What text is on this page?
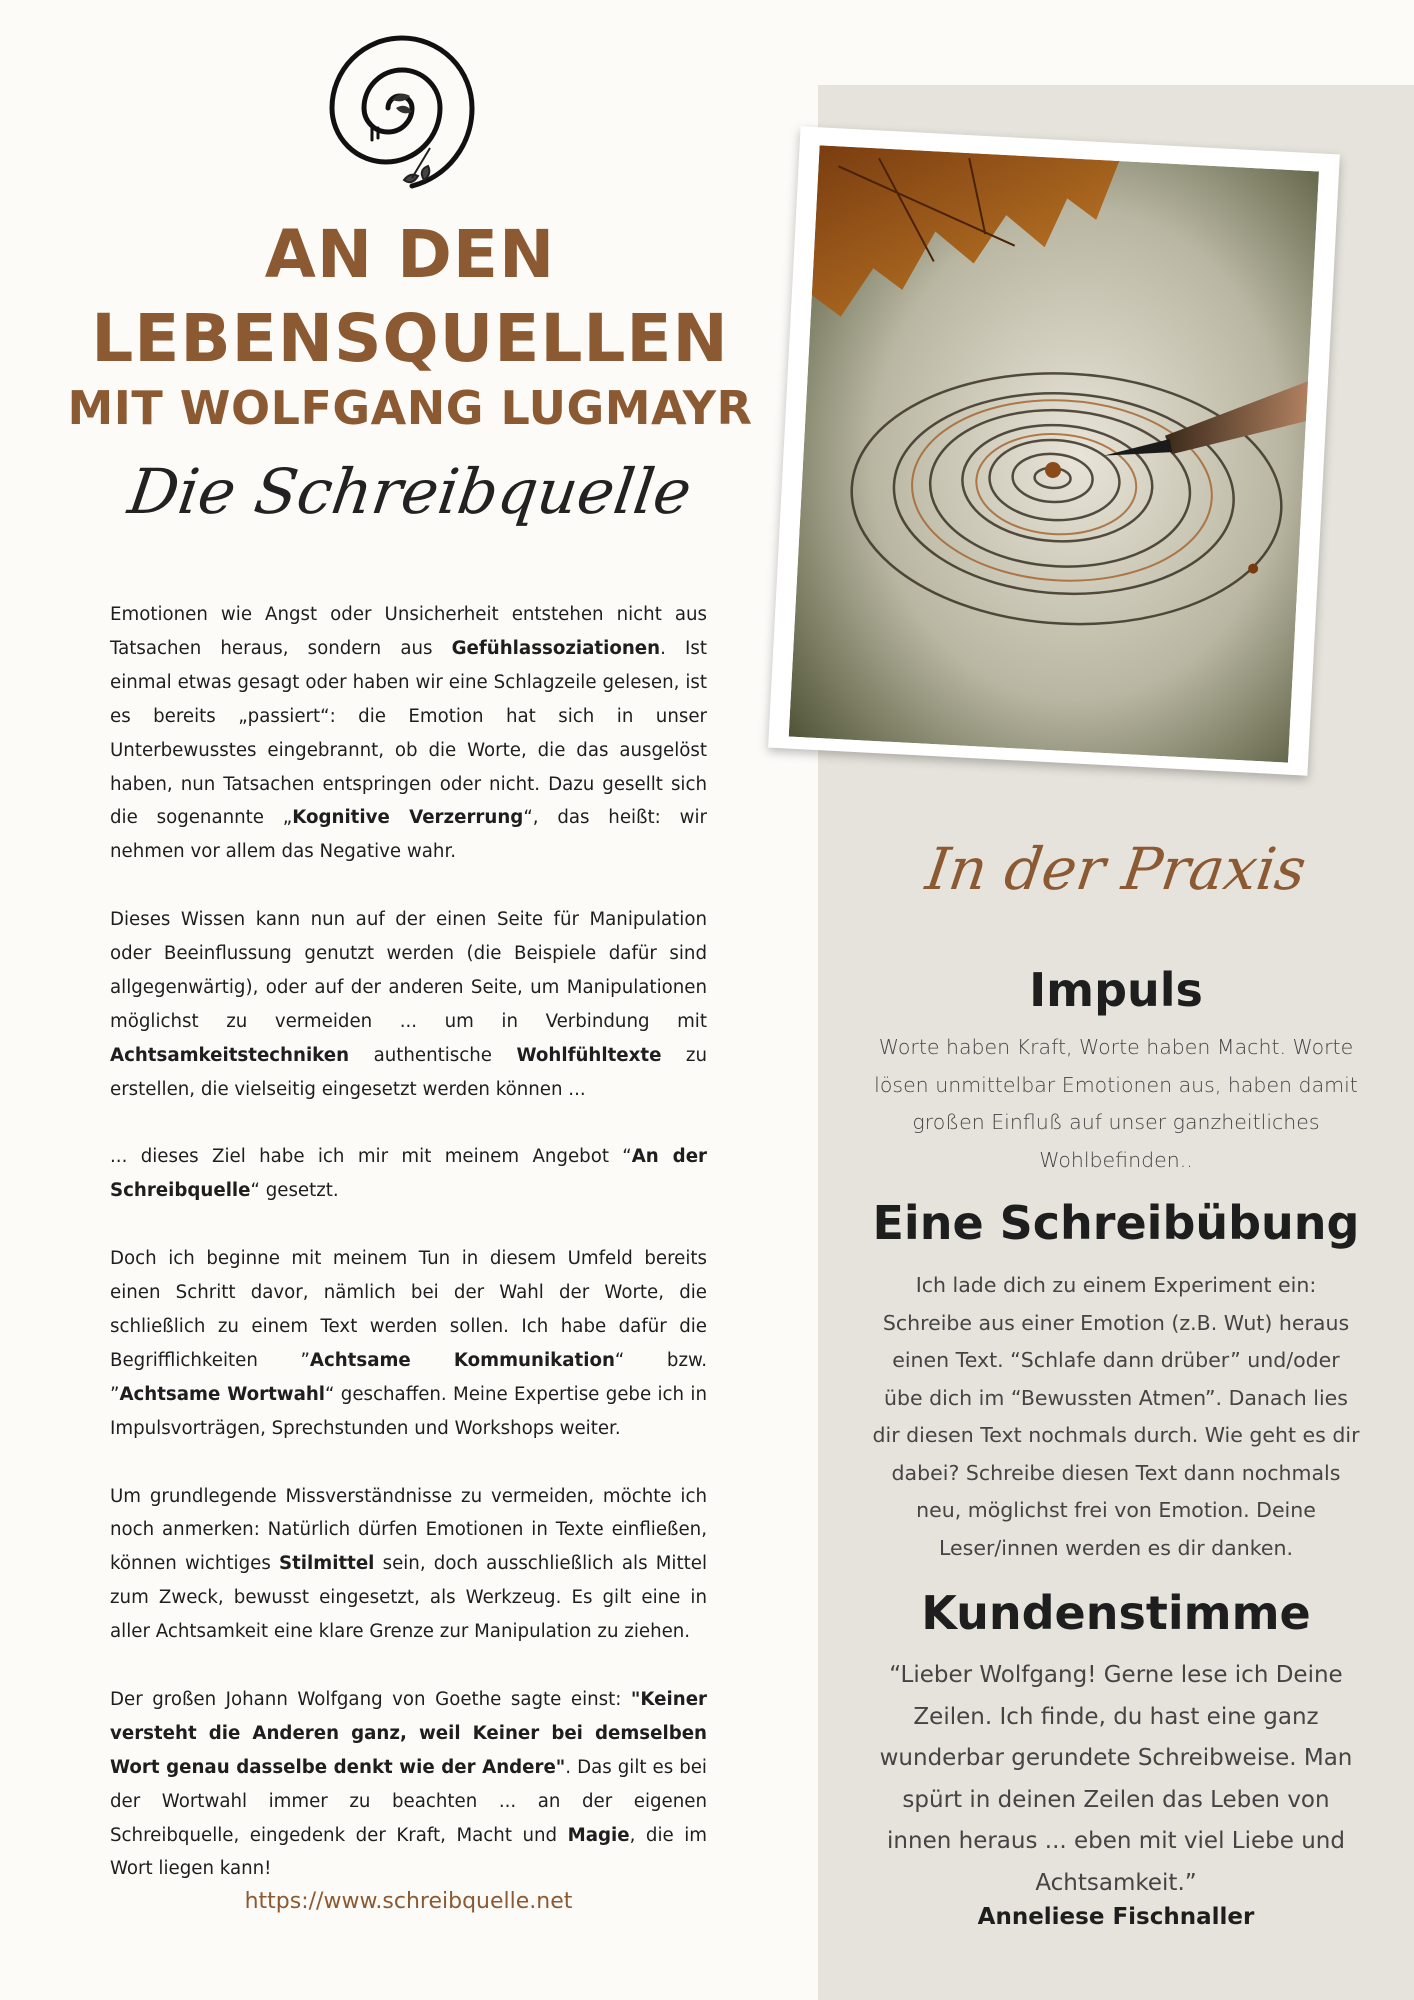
AN DEN
LEBENSQUELLEN
MIT WOLFGANG LUGMAYR
Die Schreibquelle

Emotionen wie Angst oder Unsicherheit entstehen nicht aus Tatsachen heraus, sondern aus Gefühlassoziationen. Ist einmal etwas gesagt oder haben wir eine Schlagzeile gelesen, ist es bereits „passiert“: die Emotion hat sich in unser Unterbewusstes eingebrannt, ob die Worte, die das ausgelöst haben, nun Tatsachen entspringen oder nicht. Dazu gesellt sich die sogenannte „Kognitive Verzerrung“, das heißt: wir nehmen vor allem das Negative wahr.

Dieses Wissen kann nun auf der einen Seite für Manipulation oder Beeinflussung genutzt werden (die Beispiele dafür sind allgegenwärtig), oder auf der anderen Seite, um Manipulationen möglichst zu vermeiden ... um in Verbindung mit Achtsamkeitstechniken authentische Wohlfühltexte zu erstellen, die vielseitig eingesetzt werden können ...

... dieses Ziel habe ich mir mit meinem Angebot “An der Schreibquelle“ gesetzt.

Doch ich beginne mit meinem Tun in diesem Umfeld bereits einen Schritt davor, nämlich bei der Wahl der Worte, die schließlich zu einem Text werden sollen. Ich habe dafür die Begrifflichkeiten ”Achtsame Kommunikation“ bzw. ”Achtsame Wortwahl“ geschaffen. Meine Expertise gebe ich in Impulsvorträgen, Sprechstunden und Workshops weiter.

Um grundlegende Missverständnisse zu vermeiden, möchte ich noch anmerken: Natürlich dürfen Emotionen in Texte einfließen, können wichtiges Stilmittel sein, doch ausschließlich als Mittel zum Zweck, bewusst eingesetzt, als Werkzeug. Es gilt eine in aller Achtsamkeit eine klare Grenze zur Manipulation zu ziehen.

Der großen Johann Wolfgang von Goethe sagte einst: "Keiner versteht die Anderen ganz, weil Keiner bei demselben Wort genau dasselbe denkt wie der Andere". Das gilt es bei der Wortwahl immer zu beachten ... an der eigenen Schreibquelle, eingedenk der Kraft, Macht und Magie, die im Wort liegen kann!

https://www.schreibquelle.net
In der Praxis
Impuls

Worte haben Kraft, Worte haben Macht. Worte lösen unmittelbar Emotionen aus, haben damit großen Einfluß auf unser ganzheitliches Wohlbefinden..

Eine Schreibübung

Ich lade dich zu einem Experiment ein: Schreibe aus einer Emotion (z.B. Wut) heraus einen Text. “Schlafe dann drüber” und/oder übe dich im “Bewussten Atmen”. Danach lies dir diesen Text nochmals durch. Wie geht es dir dabei? Schreibe diesen Text dann nochmals neu, möglichst frei von Emotion. Deine Leser/innen werden es dir danken.

Kundenstimme

“Lieber Wolfgang! Gerne lese ich Deine Zeilen. Ich finde, du hast eine ganz wunderbar gerundete Schreibweise. Man spürt in deinen Zeilen das Leben von innen heraus ... eben mit viel Liebe und Achtsamkeit.”

Anneliese Fischnaller
